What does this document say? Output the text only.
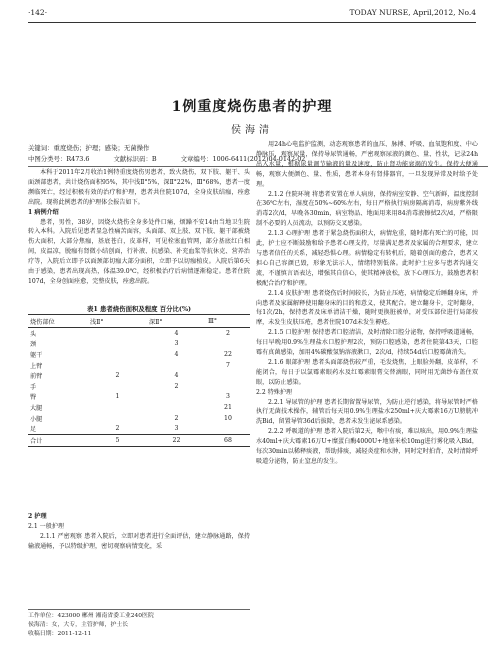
·142·	TODAY NURSE, April,2012, No.4
1例重度烧伤患者的护理
侯海清
关键词：重度烧伤；护理；感染；无菌操作
中图分类号：R473.6	文献标识码：B	文章编号：1006-6411(2012)04-0142-02

本科于2011年2月收治1例特重度烧伤男患者，致火烧伤，双下肢、躯干、头面颈部患者，共计烧伤面积95%，其中浅Ⅱ°5%，深Ⅱ°22%，Ⅲ°68%，患者一度濒临死亡，经过积极有效的治疗和护理，患者共住院107d，全身皮肤结痂，痊愈出院。现将此例患者的护理体会报告如下。

1 病例介绍

患者，男性，38岁，因烧火烧伤全身多处件口痛，烦躁不安14由当地卫生院转入本科。入院后见患者显急性痛苦面容，头面部、双上肢、双下肢、躯干部被烧伤大面积，大部分焦痂，基底苍白，皮革样，可见栓塞血管网，部分基底红白相间，皮温凉，脱痂有肾微小结创面，行补液、抗感染、补充血浆等抗休克、营养治疗等，入院后立即予以面颈部切痂大部分面积，立即予以切痂植皮。入院后第6天由于感染，患者出现高热，体温39.0℃，经积极治疗后病情逐渐稳定。患者住院107d，全身创面痊愈，完整皮肤，痊愈出院。

表1 患者烧伤面积及程度 百分比(%)
烧伤部位	浅Ⅱ°	深Ⅱ°	Ⅲ°
头		4	2
颈		3	
躯干		4	22
上臂			7
前臂	2	4	
手		2	
臀	1		3
大腿			21
小腿		2	10
足	2	3	
合计	5	22	68

2 护理

2.1 一般护理

2.1.1 严密观察 患者入院后，立即对患者进行全面评估，建立静脉通路，保持输液通畅，予以特级护理，密切观察病情变化，采

工作单位：423000 郴州 湘南省委工业240医院
侯海清：女，大专，主管护师，护士长
收稿日期：2011-12-11

用24h心电监护监测，动态观察患者的血压、脉搏、呼吸、血氧饱和度、中心静脉压，观察尿量，保持导尿管通畅，严密观察尿液的颜色、量、性状，记录24h出入水量，根据尿量调节输液的量及速度，防止肾功能衰竭的发生。保持大便通畅，观察大便颜色、量、性质，患者本身有肾排器官，一旦发现异常及时给予处理。

2.1.2 住院环境 将患者安置在单人病房，保持病室安静、空气新鲜，温度控制在36℃左右，湿度在50%~60%左右，每日严格执行病房隔离消毒，病房紫外线消毒2次/d，早晚各30min，病室物品、地面用来用84消毒液擦拭2次/d，严格限制不必要的人员流动，以预防交叉感染。

2.1.3 心理护理 患者于紧急烧伤面积大，病情危重，随时都有死亡的可能，因此，护士应不断鼓励和给予患者心理支持，尽量满足患者及家属的合理要求，建立与患者信任的关系，减轻恐惧心理。病情稳定有转机后，随着创面的愈合，患者又担心自己容颜已毁，形象无法示人，情绪特别低落。此时护士应多与患者沟通交流，不谨慎言语表达，增强其自信心，使其精神放松，放下心理压力，鼓励患者积极配合治疗和护理。

2.1.4 皮肤护理 患者烧伤后时间较长，为防止压疮，病情稳定后睡翻身床，并向患者及家属解释使用翻身床的目的和意义，使其配合。建立翻身卡，定时翻身，每1次/2h，保持患者及床单清洁干燥，随时更换脏被单，对受压部位进行局部按摩，未发生皮肤压疮，患者住院107d未发生褥疮。

2.1.5 口腔护理 保持患者口腔清洁，及时清除口腔分泌物，保持呼吸道通畅，每日早晚用0.9%生理盐水口腔护理2次，预防口腔感染，患者住院第43天，口腔霉有真菌感染，加用4%碳酸氢钠溶液漱口，2次/d，持续54d后口腔霉菌消失。

2.1.6 眼部护理 患者头面部烧伤较严重，毛发烧焦，上眼脸外翻，皮革样，不能闭合，每日于以氯霉素眼药水及红霉素眼膏交替滴眼，同时用无菌纱布盖住双眼，以防止感染。

2.2 特殊护理

2.2.1 导尿管的护理 患者长期留置导尿管，为防止逆行感染，将导尿管时严格执行无菌技术操作，辅管后每天用0.9%生理盐水250ml+庆大霉素16万U膀胱冲洗Bid，留置导管36d后拔除，患者未发生泌尿系感染。

2.2.2 呼吸道的护理 患者入院后第2天，喉中有痰，难以咳出，用0.9%生理盐水40ml+庆大霉素16万U+糜蛋白酶4000U+地塞米松10mg进行雾化吸入Bid，每次30min以稀释痰液，帮助排痰，减轻炎症和水肿，同时定时拍背，及时清除呼吸道分泌物，防止窒息的发生。
